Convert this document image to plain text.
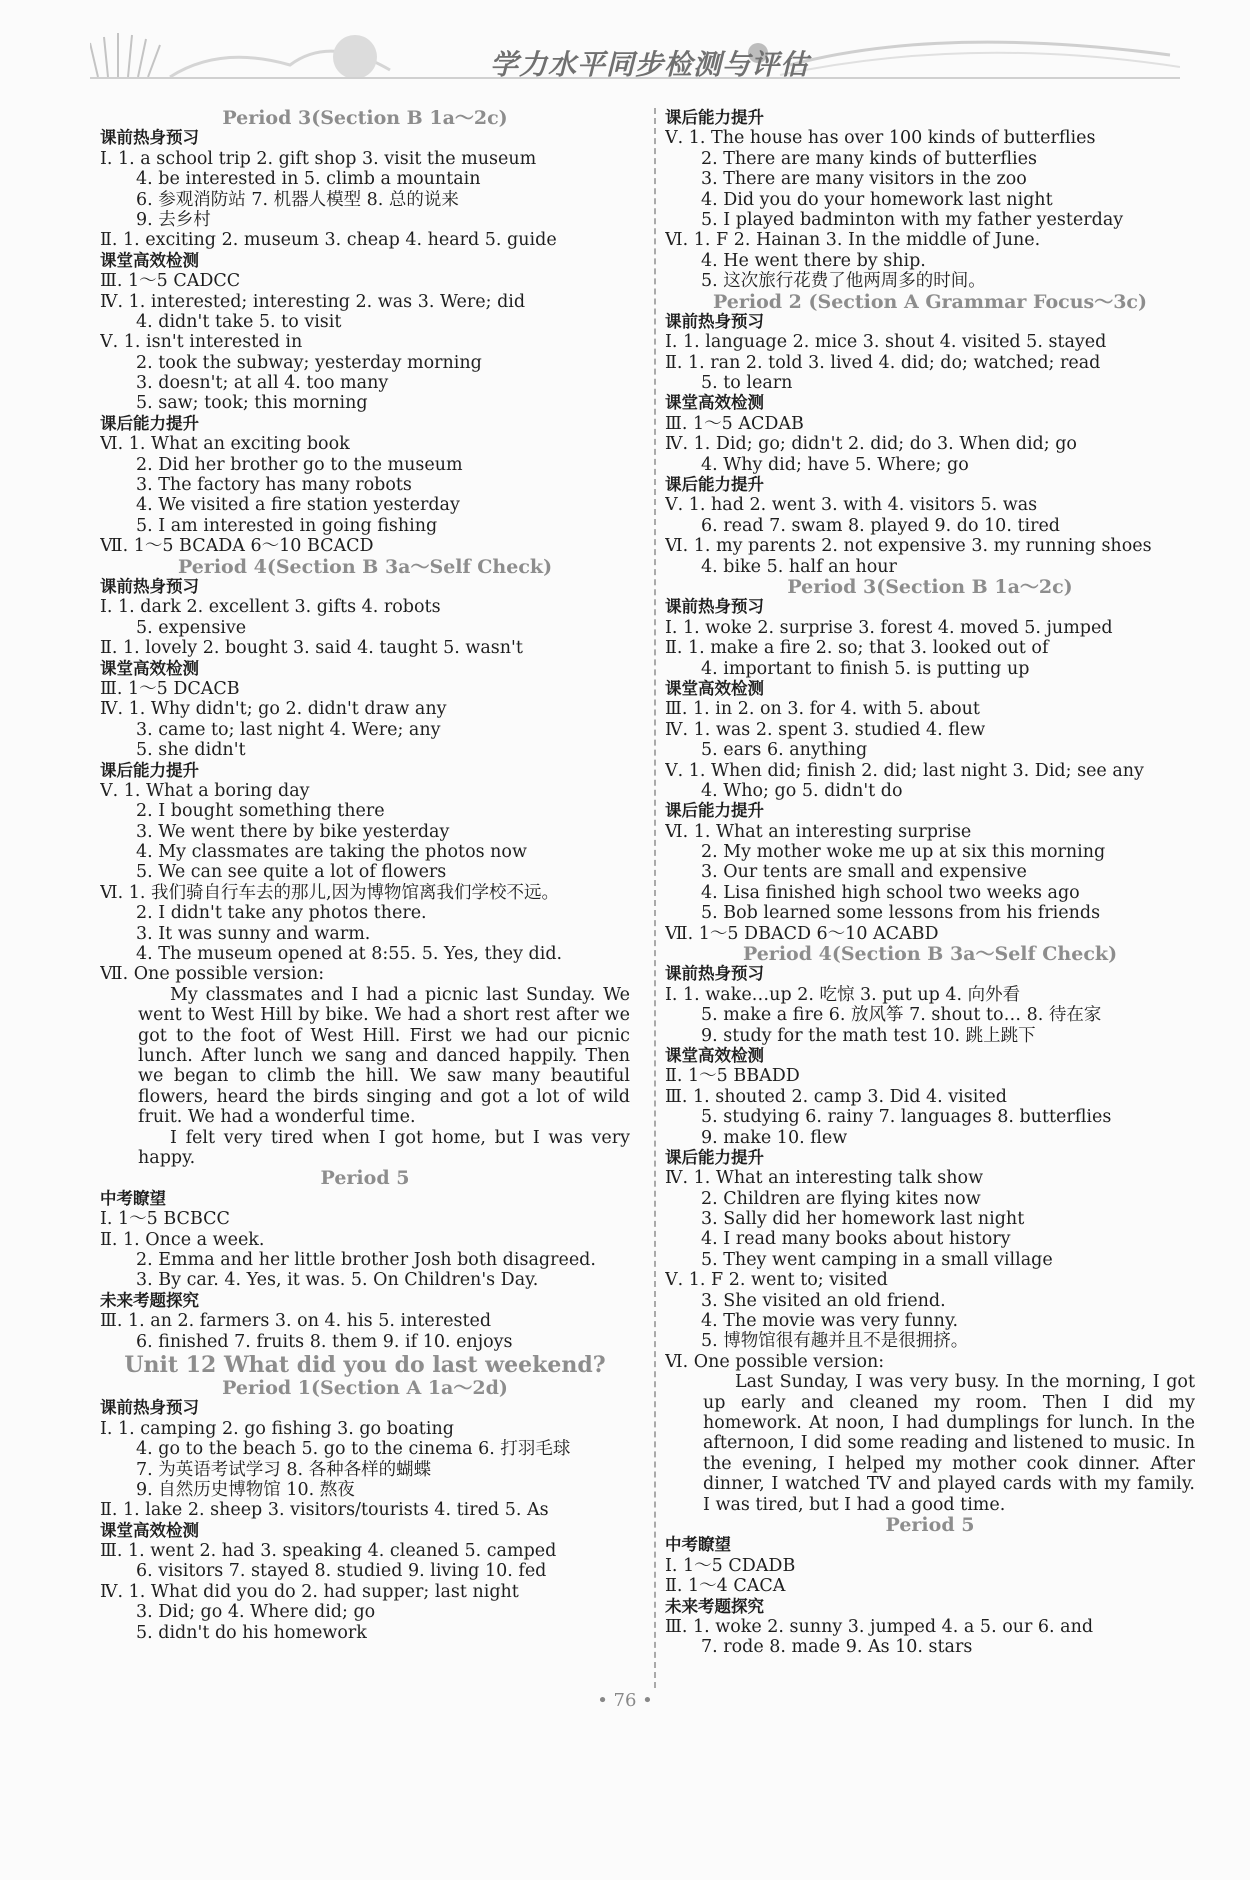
学力水平同步检测与评估
Period 3(Section B 1a～2c)
课前热身预习
Ⅰ. 1. a school trip 2. gift shop 3. visit the museum
4. be interested in 5. climb a mountain
6. 参观消防站 7. 机器人模型 8. 总的说来
9. 去乡村
Ⅱ. 1. exciting 2. museum 3. cheap 4. heard 5. guide
课堂高效检测
Ⅲ. 1～5 CADCC
Ⅳ. 1. interested; interesting 2. was 3. Were; did
4. didn't take 5. to visit
Ⅴ. 1. isn't interested in
2. took the subway; yesterday morning
3. doesn't; at all 4. too many
5. saw; took; this morning
课后能力提升
Ⅵ. 1. What an exciting book
2. Did her brother go to the museum
3. The factory has many robots
4. We visited a fire station yesterday
5. I am interested in going fishing
Ⅶ. 1～5 BCADA 6～10 BCACD
Period 4(Section B 3a～Self Check)
课前热身预习
Ⅰ. 1. dark 2. excellent 3. gifts 4. robots
5. expensive
Ⅱ. 1. lovely 2. bought 3. said 4. taught 5. wasn't
课堂高效检测
Ⅲ. 1～5 DCACB
Ⅳ. 1. Why didn't; go 2. didn't draw any
3. came to; last night 4. Were; any
5. she didn't
课后能力提升
Ⅴ. 1. What a boring day
2. I bought something there
3. We went there by bike yesterday
4. My classmates are taking the photos now
5. We can see quite a lot of flowers
Ⅵ. 1. 我们骑自行车去的那儿,因为博物馆离我们学校不远。
2. I didn't take any photos there.
3. It was sunny and warm.
4. The museum opened at 8:55. 5. Yes, they did.
Ⅶ. One possible version:
My classmates and I had a picnic last Sunday. We went to West Hill by bike. We had a short rest after we got to the foot of West Hill. First we had our picnic lunch. After lunch we sang and danced happily. Then we began to climb the hill. We saw many beautiful flowers, heard the birds singing and got a lot of wild fruit. We had a wonderful time.
I felt very tired when I got home, but I was very happy.
Period 5
中考瞭望
Ⅰ. 1～5 BCBCC
Ⅱ. 1. Once a week.
2. Emma and her little brother Josh both disagreed.
3. By car. 4. Yes, it was. 5. On Children's Day.
未来考题探究
Ⅲ. 1. an 2. farmers 3. on 4. his 5. interested
6. finished 7. fruits 8. them 9. if 10. enjoys
Unit 12 What did you do last weekend?
Period 1(Section A 1a～2d)
课前热身预习
Ⅰ. 1. camping 2. go fishing 3. go boating
4. go to the beach 5. go to the cinema 6. 打羽毛球
7. 为英语考试学习 8. 各种各样的蝴蝶
9. 自然历史博物馆 10. 熬夜
Ⅱ. 1. lake 2. sheep 3. visitors/tourists 4. tired 5. As
课堂高效检测
Ⅲ. 1. went 2. had 3. speaking 4. cleaned 5. camped
6. visitors 7. stayed 8. studied 9. living 10. fed
Ⅳ. 1. What did you do 2. had supper; last night
3. Did; go 4. Where did; go
5. didn't do his homework
课后能力提升
Ⅴ. 1. The house has over 100 kinds of butterflies
2. There are many kinds of butterflies
3. There are many visitors in the zoo
4. Did you do your homework last night
5. I played badminton with my father yesterday
Ⅵ. 1. F 2. Hainan 3. In the middle of June.
4. He went there by ship.
5. 这次旅行花费了他两周多的时间。
Period 2 (Section A Grammar Focus～3c)
课前热身预习
Ⅰ. 1. language 2. mice 3. shout 4. visited 5. stayed
Ⅱ. 1. ran 2. told 3. lived 4. did; do; watched; read
5. to learn
课堂高效检测
Ⅲ. 1～5 ACDAB
Ⅳ. 1. Did; go; didn't 2. did; do 3. When did; go
4. Why did; have 5. Where; go
课后能力提升
Ⅴ. 1. had 2. went 3. with 4. visitors 5. was
6. read 7. swam 8. played 9. do 10. tired
Ⅵ. 1. my parents 2. not expensive 3. my running shoes
4. bike 5. half an hour
Period 3(Section B 1a～2c)
课前热身预习
Ⅰ. 1. woke 2. surprise 3. forest 4. moved 5. jumped
Ⅱ. 1. make a fire 2. so; that 3. looked out of
4. important to finish 5. is putting up
课堂高效检测
Ⅲ. 1. in 2. on 3. for 4. with 5. about
Ⅳ. 1. was 2. spent 3. studied 4. flew
5. ears 6. anything
Ⅴ. 1. When did; finish 2. did; last night 3. Did; see any
4. Who; go 5. didn't do
课后能力提升
Ⅵ. 1. What an interesting surprise
2. My mother woke me up at six this morning
3. Our tents are small and expensive
4. Lisa finished high school two weeks ago
5. Bob learned some lessons from his friends
Ⅶ. 1～5 DBACD 6～10 ACABD
Period 4(Section B 3a～Self Check)
课前热身预习
Ⅰ. 1. wake…up 2. 吃惊 3. put up 4. 向外看
5. make a fire 6. 放风筝 7. shout to… 8. 待在家
9. study for the math test 10. 跳上跳下
课堂高效检测
Ⅱ. 1～5 BBADD
Ⅲ. 1. shouted 2. camp 3. Did 4. visited
5. studying 6. rainy 7. languages 8. butterflies
9. make 10. flew
课后能力提升
Ⅳ. 1. What an interesting talk show
2. Children are flying kites now
3. Sally did her homework last night
4. I read many books about history
5. They went camping in a small village
Ⅴ. 1. F 2. went to; visited
3. She visited an old friend.
4. The movie was very funny.
5. 博物馆很有趣并且不是很拥挤。
Ⅵ. One possible version:
Last Sunday, I was very busy. In the morning, I got up early and cleaned my room. Then I did my homework. At noon, I had dumplings for lunch. In the afternoon, I did some reading and listened to music. In the evening, I helped my mother cook dinner. After dinner, I watched TV and played cards with my family. I was tired, but I had a good time.
Period 5
中考瞭望
Ⅰ. 1～5 CDADB
Ⅱ. 1～4 CACA
未来考题探究
Ⅲ. 1. woke 2. sunny 3. jumped 4. a 5. our 6. and
7. rode 8. made 9. As 10. stars
• 76 •
